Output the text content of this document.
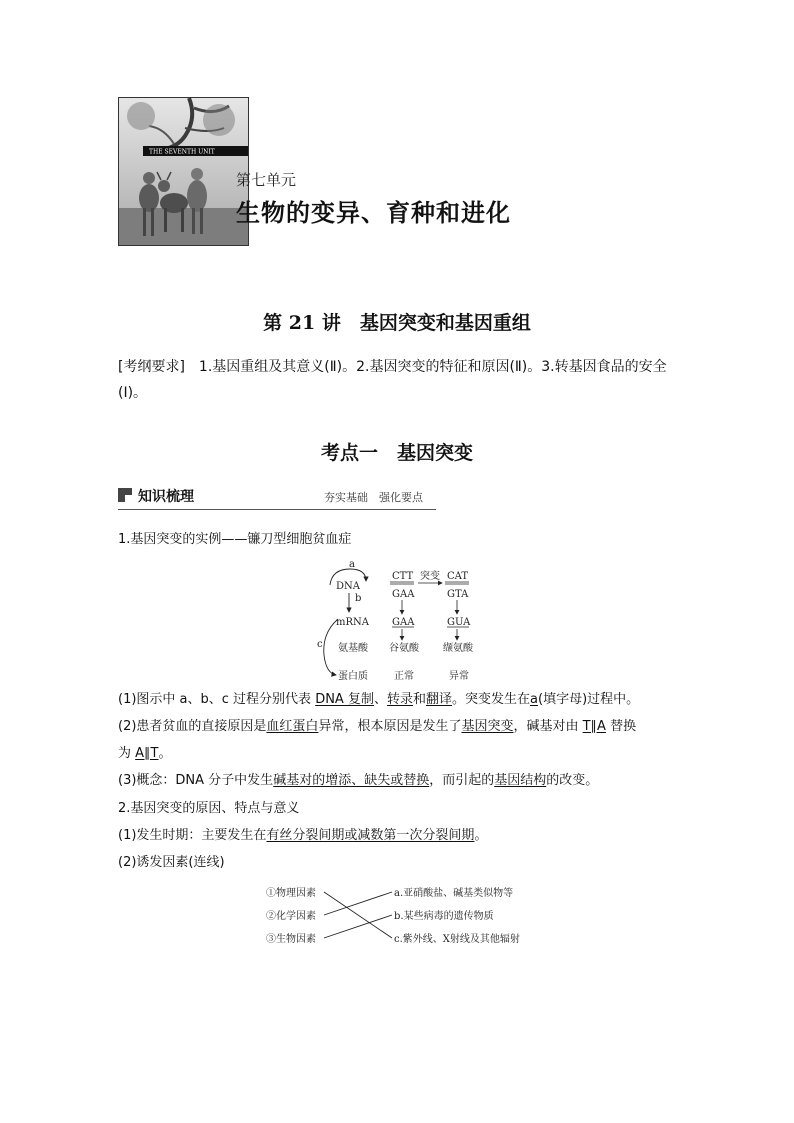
THE SEVENTH UNIT
第七单元
生物的变异、育种和进化
第 21 讲　基因突变和基因重组
[考纲要求]　1.基因重组及其意义(Ⅱ)。2.基因突变的特征和原因(Ⅱ)。3.转基因食品的安全
(Ⅰ)。
考点一　基因突变
知识梳理	夯实基础　强化要点
1.基因突变的实例——镰刀型细胞贫血症
a
DNA
b
mRNA
c 氨基酸
蛋白质
CTT
GAA
GAA
谷氨酸
正常
突变 CAT
GTA
GUA
缬氨酸
异常
(1)图示中 a、b、c 过程分别代表 DNA 复制、转录和翻译。突变发生在a(填字母)过程中。
(2)患者贫血的直接原因是血红蛋白异常，根本原因是发生了基因突变，碱基对由 T∥A 替换
为 A∥T。
(3)概念：DNA 分子中发生碱基对的增添、缺失或替换，而引起的基因结构的改变。
2.基因突变的原因、特点与意义
(1)发生时期：主要发生在有丝分裂间期或减数第一次分裂间期。
(2)诱发因素(连线)
①物理因素
②化学因素
③生物因素
a.亚硝酸盐、碱基类似物等
b.某些病毒的遗传物质
c.紫外线、X射线及其他辐射
